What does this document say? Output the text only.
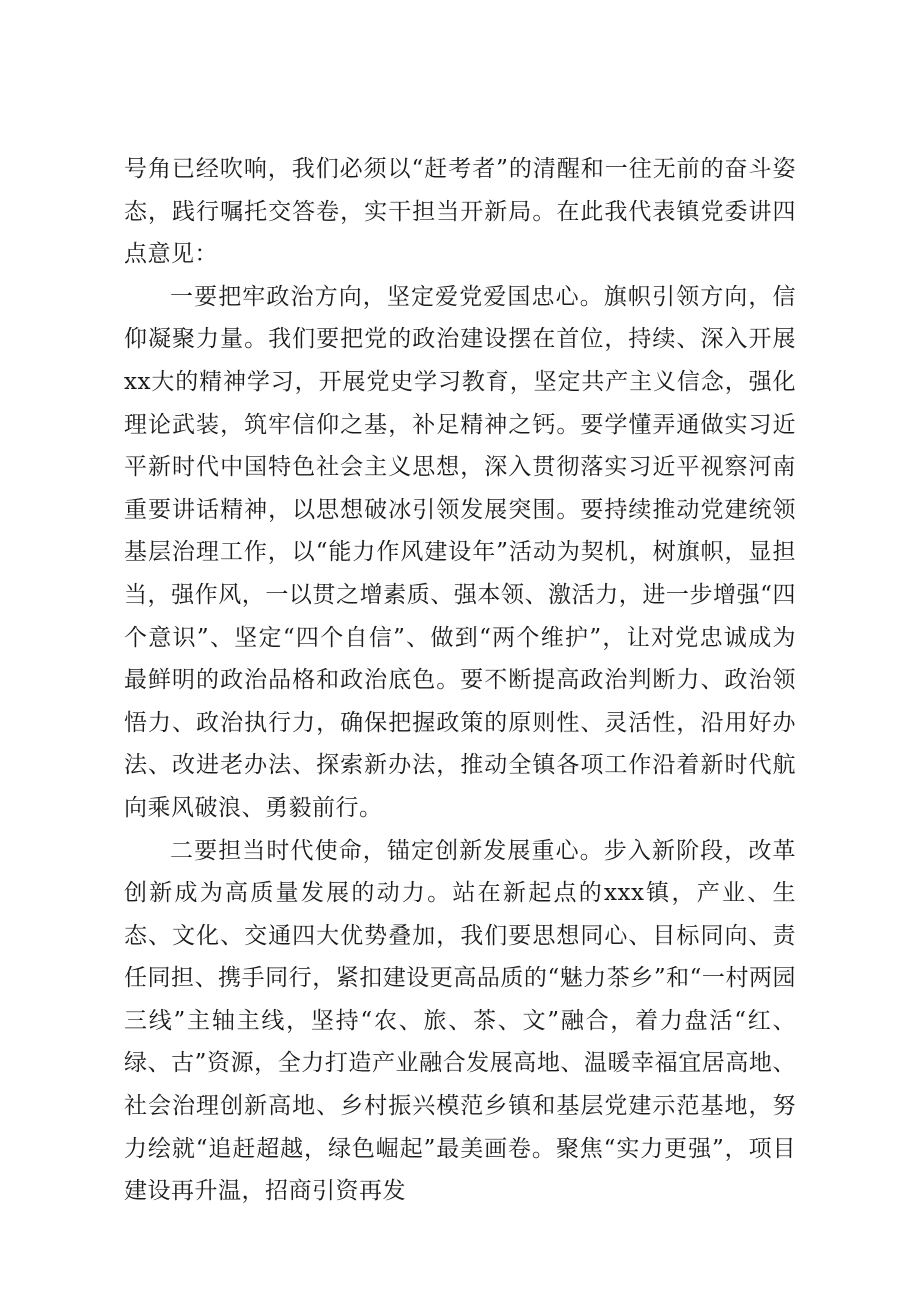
号角已经吹响，我们必须以“赶考者”的清醒和一往无前的奋斗姿态，践行嘱托交答卷，实干担当开新局。在此我代表镇党委讲四点意见：

一要把牢政治方向，坚定爱党爱国忠心。旗帜引领方向，信仰凝聚力量。我们要把党的政治建设摆在首位，持续、深入开展xx大的精神学习，开展党史学习教育，坚定共产主义信念，强化理论武装，筑牢信仰之基，补足精神之钙。要学懂弄通做实习近平新时代中国特色社会主义思想，深入贯彻落实习近平视察河南重要讲话精神，以思想破冰引领发展突围。要持续推动党建统领基层治理工作，以“能力作风建设年”活动为契机，树旗帜，显担当，强作风，一以贯之增素质、强本领、激活力，进一步增强“四个意识”、坚定“四个自信”、做到“两个维护”，让对党忠诚成为最鲜明的政治品格和政治底色。要不断提高政治判断力、政治领悟力、政治执行力，确保把握政策的原则性、灵活性，沿用好办法、改进老办法、探索新办法，推动全镇各项工作沿着新时代航向乘风破浪、勇毅前行。

二要担当时代使命，锚定创新发展重心。步入新阶段，改革创新成为高质量发展的动力。站在新起点的xxx镇，产业、生态、文化、交通四大优势叠加，我们要思想同心、目标同向、责任同担、携手同行，紧扣建设更高品质的“魅力茶乡”和“一村两园三线”主轴主线，坚持“农、旅、茶、文”融合，着力盘活“红、绿、古”资源，全力打造产业融合发展高地、温暖幸福宜居高地、社会治理创新高地、乡村振兴模范乡镇和基层党建示范基地，努力绘就“追赶超越，绿色崛起”最美画卷。聚焦“实力更强”，项目建设再升温，招商引资再发
